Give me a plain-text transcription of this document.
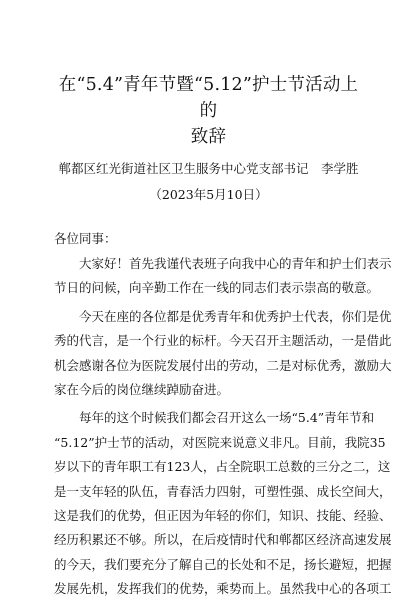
在“5.4”青年节暨“5.12”护士节活动上的
致辞
郸都区红光街道社区卫生服务中心党支部书记　李学胜
（2023年5月10日）
各位同事：

大家好！首先我谨代表班子向我中心的青年和护士们表示
节日的问候，向辛勤工作在一线的同志们表示崇高的敬意。

今天在座的各位都是优秀青年和优秀护士代表，你们是优
秀的代言，是一个行业的标杆。今天召开主题活动，一是借此
机会感谢各位为医院发展付出的劳动，二是对标优秀，激励大
家在今后的岗位继续踔励奋进。

每年的这个时候我们都会召开这么一场“5.4”青年节和
“5.12”护士节的活动，对医院来说意义非凡。目前，我院35
岁以下的青年职工有123人，占全院职工总数的三分之二，这
是一支年轻的队伍，青春活力四射，可塑性强、成长空间大，
这是我们的优势，但正因为年轻的你们，知识、技能、经验、
经历积累还不够。所以，在后疫情时代和郸都区经济高速发展
的今天，我们要充分了解自己的长处和不足，扬长避短，把握
发展先机，发挥我们的优势，乘势而上。虽然我中心的各项工
